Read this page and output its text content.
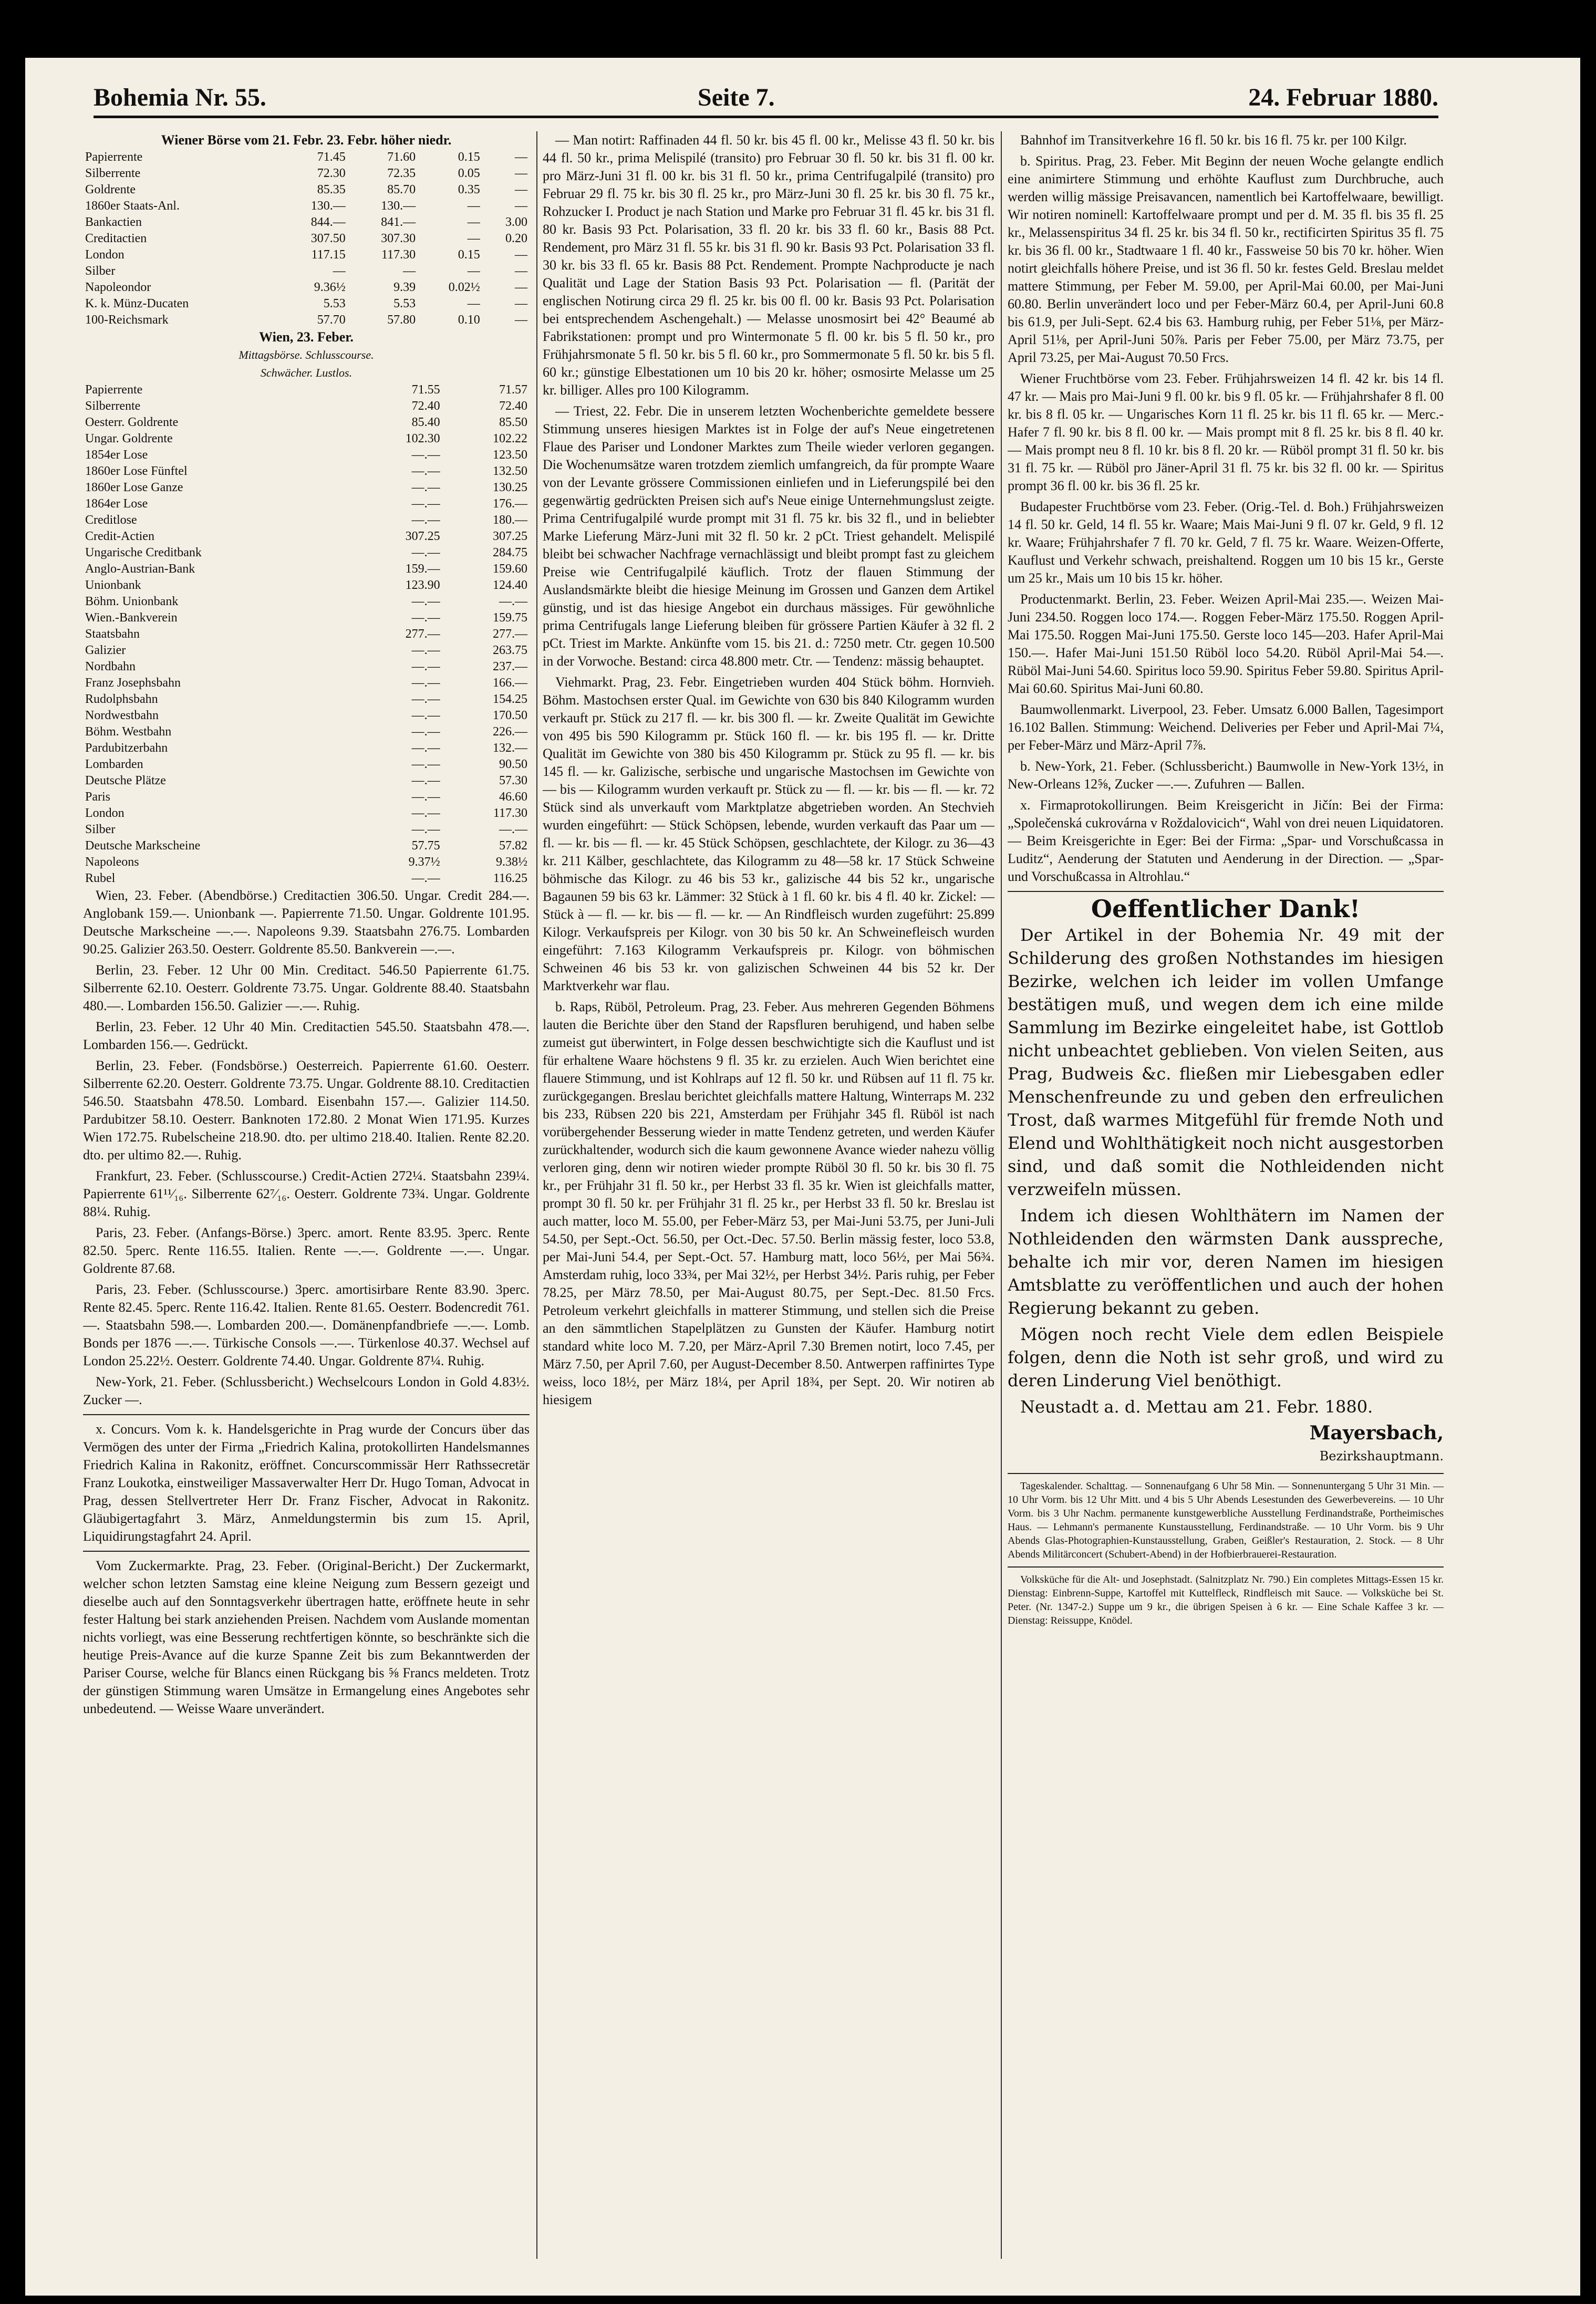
Bohemia Nr. 55.	Seite 7.	24. Februar 1880.
Wiener Börse vom 21. Febr. 23. Febr. höher niedr.
Papierrente	71.45	71.60	0.15	—
Silberrente	72.30	72.35	0.05	—
Goldrente	85.35	85.70	0.35	—
1860er Staats-Anl.	130.—	130.—	—	—
Bankactien	844.—	841.—	—	3.00
Creditactien	307.50	307.30	—	0.20
London	117.15	117.30	0.15	—
Silber	—	—	—	—
Napoleondor	9.36½	9.39	0.02½	—
K. k. Münz-Ducaten	5.53	5.53	—	—
100-Reichsmark	57.70	57.80	0.10	—
Wien, 23. Feber.
Mittagsbörse. Schlusscourse.
Schwächer. Lustlos.
Papierrente	71.55	71.57
Silberrente	72.40	72.40
Oesterr. Goldrente	85.40	85.50
Ungar. Goldrente	102.30	102.22
1854er Lose	—.—	123.50
1860er Lose Fünftel	—.—	132.50
1860er Lose Ganze	—.—	130.25
1864er Lose	—.—	176.—
Creditlose	—.—	180.—
Credit-Actien	307.25	307.25
Ungarische Creditbank	—.—	284.75
Anglo-Austrian-Bank	159.—	159.60
Unionbank	123.90	124.40
Böhm. Unionbank	—.—	—.—
Wien.-Bankverein	—.—	159.75
Staatsbahn	277.—	277.—
Galizier	—.—	263.75
Nordbahn	—.—	237.—
Franz Josephsbahn	—.—	166.—
Rudolphsbahn	—.—	154.25
Nordwestbahn	—.—	170.50
Böhm. Westbahn	—.—	226.—
Pardubitzerbahn	—.—	132.—
Lombarden	—.—	90.50
Deutsche Plätze	—.—	57.30
Paris	—.—	46.60
London	—.—	117.30
Silber	—.—	—.—
Deutsche Markscheine	57.75	57.82
Napoleons	9.37½	9.38½
Rubel	—.—	116.25

Wien, 23. Feber. (Abendbörse.) Creditactien 306.50. Ungar. Credit 284.—. Anglobank 159.—. Unionbank —. Papierrente 71.50. Ungar. Goldrente 101.95. Deutsche Markscheine —.—. Napoleons 9.39. Staatsbahn 276.75. Lombarden 90.25. Galizier 263.50. Oesterr. Goldrente 85.50. Bankverein —.—.

Berlin, 23. Feber. 12 Uhr 00 Min. Creditact. 546.50 Papierrente 61.75. Silberrente 62.10. Oesterr. Goldrente 73.75. Ungar. Goldrente 88.40. Staatsbahn 480.—. Lombarden 156.50. Galizier —.—. Ruhig.

Berlin, 23. Feber. 12 Uhr 40 Min. Creditactien 545.50. Staatsbahn 478.—. Lombarden 156.—. Gedrückt.

Berlin, 23. Feber. (Fondsbörse.) Oesterreich. Papierrente 61.60. Oesterr. Silberrente 62.20. Oesterr. Goldrente 73.75. Ungar. Goldrente 88.10. Creditactien 546.50. Staatsbahn 478.50. Lombard. Eisenbahn 157.—. Galizier 114.50. Pardubitzer 58.10. Oesterr. Banknoten 172.80. 2 Monat Wien 171.95. Kurzes Wien 172.75. Rubelscheine 218.90. dto. per ultimo 218.40. Italien. Rente 82.20. dto. per ultimo 82.—. Ruhig.

Frankfurt, 23. Feber. (Schlusscourse.) Credit-Actien 272¼. Staatsbahn 239¼. Papierrente 61¹¹⁄₁₆. Silberrente 62⁷⁄₁₆. Oesterr. Goldrente 73¾. Ungar. Goldrente 88¼. Ruhig.

Paris, 23. Feber. (Anfangs-Börse.) 3perc. amort. Rente 83.95. 3perc. Rente 82.50. 5perc. Rente 116.55. Italien. Rente —.—. Goldrente —.—. Ungar. Goldrente 87.68.

Paris, 23. Feber. (Schlusscourse.) 3perc. amortisirbare Rente 83.90. 3perc. Rente 82.45. 5perc. Rente 116.42. Italien. Rente 81.65. Oesterr. Bodencredit 761.—. Staatsbahn 598.—. Lombarden 200.—. Domänenpfandbriefe —.—. Lomb. Bonds per 1876 —.—. Türkische Consols —.—. Türkenlose 40.37. Wechsel auf London 25.22½. Oesterr. Goldrente 74.40. Ungar. Goldrente 87¼. Ruhig.

New-York, 21. Feber. (Schlussbericht.) Wechselcours London in Gold 4.83½. Zucker —.

x. Concurs. Vom k. k. Handelsgerichte in Prag wurde der Concurs über das Vermögen des unter der Firma „Friedrich Kalina, protokollirten Handelsmannes Friedrich Kalina in Rakonitz, eröffnet. Concurscommissär Herr Rathssecretär Franz Loukotka, einstweiliger Massaverwalter Herr Dr. Hugo Toman, Advocat in Prag, dessen Stellvertreter Herr Dr. Franz Fischer, Advocat in Rakonitz. Gläubigertagfahrt 3. März, Anmeldungstermin bis zum 15. April, Liquidirungstagfahrt 24. April.

Vom Zuckermarkte. Prag, 23. Feber. (Original-Bericht.) Der Zuckermarkt, welcher schon letzten Samstag eine kleine Neigung zum Bessern gezeigt und dieselbe auch auf den Sonntagsverkehr übertragen hatte, eröffnete heute in sehr fester Haltung bei stark anziehenden Preisen. Nachdem vom Auslande momentan nichts vorliegt, was eine Besserung rechtfertigen könnte, so beschränkte sich die heutige Preis-Avance auf die kurze Spanne Zeit bis zum Bekanntwerden der Pariser Course, welche für Blancs einen Rückgang bis ⅝ Francs meldeten. Trotz der günstigen Stimmung waren Umsätze in Ermangelung eines Angebotes sehr unbedeutend. — Weisse Waare unverändert.

— Man notirt: Raffinaden 44 fl. 50 kr. bis 45 fl. 00 kr., Melisse 43 fl. 50 kr. bis 44 fl. 50 kr., prima Melispilé (transito) pro Februar 30 fl. 50 kr. bis 31 fl. 00 kr. pro März-Juni 31 fl. 00 kr. bis 31 fl. 50 kr., prima Centrifugalpilé (transito) pro Februar 29 fl. 75 kr. bis 30 fl. 25 kr., pro März-Juni 30 fl. 25 kr. bis 30 fl. 75 kr., Rohzucker I. Product je nach Station und Marke pro Februar 31 fl. 45 kr. bis 31 fl. 80 kr. Basis 93 Pct. Polarisation, 33 fl. 20 kr. bis 33 fl. 60 kr., Basis 88 Pct. Rendement, pro März 31 fl. 55 kr. bis 31 fl. 90 kr. Basis 93 Pct. Polarisation 33 fl. 30 kr. bis 33 fl. 65 kr. Basis 88 Pct. Rendement. Prompte Nachproducte je nach Qualität und Lage der Station Basis 93 Pct. Polarisation — fl. (Parität der englischen Notirung circa 29 fl. 25 kr. bis 00 fl. 00 kr. Basis 93 Pct. Polarisation bei entsprechendem Aschengehalt.) — Melasse unosmosirt bei 42° Beaumé ab Fabrikstationen: prompt und pro Wintermonate 5 fl. 00 kr. bis 5 fl. 50 kr., pro Frühjahrsmonate 5 fl. 50 kr. bis 5 fl. 60 kr., pro Sommermonate 5 fl. 50 kr. bis 5 fl. 60 kr.; günstige Elbestationen um 10 bis 20 kr. höher; osmosirte Melasse um 25 kr. billiger. Alles pro 100 Kilogramm.

— Triest, 22. Febr. Die in unserem letzten Wochenberichte gemeldete bessere Stimmung unseres hiesigen Marktes ist in Folge der auf's Neue eingetretenen Flaue des Pariser und Londoner Marktes zum Theile wieder verloren gegangen. Die Wochenumsätze waren trotzdem ziemlich umfangreich, da für prompte Waare von der Levante grössere Commissionen einliefen und in Lieferungspilé bei den gegenwärtig gedrückten Preisen sich auf's Neue einige Unternehmungslust zeigte. Prima Centrifugalpilé wurde prompt mit 31 fl. 75 kr. bis 32 fl., und in beliebter Marke Lieferung März-Juni mit 32 fl. 50 kr. 2 pCt. Triest gehandelt. Melispilé bleibt bei schwacher Nachfrage vernachlässigt und bleibt prompt fast zu gleichem Preise wie Centrifugalpilé käuflich. Trotz der flauen Stimmung der Auslandsmärkte bleibt die hiesige Meinung im Grossen und Ganzen dem Artikel günstig, und ist das hiesige Angebot ein durchaus mässiges. Für gewöhnliche prima Centrifugals lange Lieferung bleiben für grössere Partien Käufer à 32 fl. 2 pCt. Triest im Markte. Ankünfte vom 15. bis 21. d.: 7250 metr. Ctr. gegen 10.500 in der Vorwoche. Bestand: circa 48.800 metr. Ctr. — Tendenz: mässig behauptet.

Viehmarkt. Prag, 23. Febr. Eingetrieben wurden 404 Stück böhm. Hornvieh. Böhm. Mastochsen erster Qual. im Gewichte von 630 bis 840 Kilogramm wurden verkauft pr. Stück zu 217 fl. — kr. bis 300 fl. — kr. Zweite Qualität im Gewichte von 495 bis 590 Kilogramm pr. Stück 160 fl. — kr. bis 195 fl. — kr. Dritte Qualität im Gewichte von 380 bis 450 Kilogramm pr. Stück zu 95 fl. — kr. bis 145 fl. — kr. Galizische, serbische und ungarische Mastochsen im Gewichte von — bis — Kilogramm wurden verkauft pr. Stück zu — fl. — kr. bis — fl. — kr. 72 Stück sind als unverkauft vom Marktplatze abgetrieben worden. An Stechvieh wurden eingeführt: — Stück Schöpsen, lebende, wurden verkauft das Paar um — fl. — kr. bis — fl. — kr. 45 Stück Schöpsen, geschlachtete, der Kilogr. zu 36—43 kr. 211 Kälber, geschlachtete, das Kilogramm zu 48—58 kr. 17 Stück Schweine böhmische das Kilogr. zu 46 bis 53 kr., galizische 44 bis 52 kr., ungarische Bagaunen 59 bis 63 kr. Lämmer: 32 Stück à 1 fl. 60 kr. bis 4 fl. 40 kr. Zickel: — Stück à — fl. — kr. bis — fl. — kr. — An Rindfleisch wurden zugeführt: 25.899 Kilogr. Verkaufspreis per Kilogr. von 30 bis 50 kr. An Schweinefleisch wurden eingeführt: 7.163 Kilogramm Verkaufspreis pr. Kilogr. von böhmischen Schweinen 46 bis 53 kr. von galizischen Schweinen 44 bis 52 kr. Der Marktverkehr war flau.

b. Raps, Rüböl, Petroleum. Prag, 23. Feber. Aus mehreren Gegenden Böhmens lauten die Berichte über den Stand der Rapsfluren beruhigend, und haben selbe zumeist gut überwintert, in Folge dessen beschwichtigte sich die Kauflust und ist für erhaltene Waare höchstens 9 fl. 35 kr. zu erzielen. Auch Wien berichtet eine flauere Stimmung, und ist Kohlraps auf 12 fl. 50 kr. und Rübsen auf 11 fl. 75 kr. zurückgegangen. Breslau berichtet gleichfalls mattere Haltung, Winterraps M. 232 bis 233, Rübsen 220 bis 221, Amsterdam per Frühjahr 345 fl. Rüböl ist nach vorübergehender Besserung wieder in matte Tendenz getreten, und werden Käufer zurückhaltender, wodurch sich die kaum gewonnene Avance wieder nahezu völlig verloren ging, denn wir notiren wieder prompte Rüböl 30 fl. 50 kr. bis 30 fl. 75 kr., per Frühjahr 31 fl. 50 kr., per Herbst 33 fl. 35 kr. Wien ist gleichfalls matter, prompt 30 fl. 50 kr. per Frühjahr 31 fl. 25 kr., per Herbst 33 fl. 50 kr. Breslau ist auch matter, loco M. 55.00, per Feber-März 53, per Mai-Juni 53.75, per Juni-Juli 54.50, per Sept.-Oct. 56.50, per Oct.-Dec. 57.50. Berlin mässig fester, loco 53.8, per Mai-Juni 54.4, per Sept.-Oct. 57. Hamburg matt, loco 56½, per Mai 56¾. Amsterdam ruhig, loco 33¾, per Mai 32½, per Herbst 34½. Paris ruhig, per Feber 78.25, per März 78.50, per Mai-August 80.75, per Sept.-Dec. 81.50 Frcs. Petroleum verkehrt gleichfalls in matterer Stimmung, und stellen sich die Preise an den sämmtlichen Stapelplätzen zu Gunsten der Käufer. Hamburg notirt standard white loco M. 7.20, per März-April 7.30 Bremen notirt, loco 7.45, per März 7.50, per April 7.60, per August-December 8.50. Antwerpen raffinirtes Type weiss, loco 18½, per März 18¼, per April 18¾, per Sept. 20. Wir notiren ab hiesigem

Bahnhof im Transitverkehre 16 fl. 50 kr. bis 16 fl. 75 kr. per 100 Kilgr.

b. Spiritus. Prag, 23. Feber. Mit Beginn der neuen Woche gelangte endlich eine animirtere Stimmung und erhöhte Kauflust zum Durchbruche, auch werden willig mässige Preisavancen, namentlich bei Kartoffelwaare, bewilligt. Wir notiren nominell: Kartoffelwaare prompt und per d. M. 35 fl. bis 35 fl. 25 kr., Melassenspiritus 34 fl. 25 kr. bis 34 fl. 50 kr., rectificirten Spiritus 35 fl. 75 kr. bis 36 fl. 00 kr., Stadtwaare 1 fl. 40 kr., Fassweise 50 bis 70 kr. höher. Wien notirt gleichfalls höhere Preise, und ist 36 fl. 50 kr. festes Geld. Breslau meldet mattere Stimmung, per Feber M. 59.00, per April-Mai 60.00, per Mai-Juni 60.80. Berlin unverändert loco und per Feber-März 60.4, per April-Juni 60.8 bis 61.9, per Juli-Sept. 62.4 bis 63. Hamburg ruhig, per Feber 51⅛, per März-April 51⅛, per April-Juni 50⅞. Paris per Feber 75.00, per März 73.75, per April 73.25, per Mai-August 70.50 Frcs.

Wiener Fruchtbörse vom 23. Feber. Frühjahrsweizen 14 fl. 42 kr. bis 14 fl. 47 kr. — Mais pro Mai-Juni 9 fl. 00 kr. bis 9 fl. 05 kr. — Frühjahrshafer 8 fl. 00 kr. bis 8 fl. 05 kr. — Ungarisches Korn 11 fl. 25 kr. bis 11 fl. 65 kr. — Merc.-Hafer 7 fl. 90 kr. bis 8 fl. 00 kr. — Mais prompt mit 8 fl. 25 kr. bis 8 fl. 40 kr. — Mais prompt neu 8 fl. 10 kr. bis 8 fl. 20 kr. — Rüböl prompt 31 fl. 50 kr. bis 31 fl. 75 kr. — Rüböl pro Jäner-April 31 fl. 75 kr. bis 32 fl. 00 kr. — Spiritus prompt 36 fl. 00 kr. bis 36 fl. 25 kr.

Budapester Fruchtbörse vom 23. Feber. (Orig.-Tel. d. Boh.) Frühjahrsweizen 14 fl. 50 kr. Geld, 14 fl. 55 kr. Waare; Mais Mai-Juni 9 fl. 07 kr. Geld, 9 fl. 12 kr. Waare; Frühjahrshafer 7 fl. 70 kr. Geld, 7 fl. 75 kr. Waare. Weizen-Offerte, Kauflust und Verkehr schwach, preishaltend. Roggen um 10 bis 15 kr., Gerste um 25 kr., Mais um 10 bis 15 kr. höher.

Productenmarkt. Berlin, 23. Feber. Weizen April-Mai 235.—. Weizen Mai-Juni 234.50. Roggen loco 174.—. Roggen Feber-März 175.50. Roggen April-Mai 175.50. Roggen Mai-Juni 175.50. Gerste loco 145—203. Hafer April-Mai 150.—. Hafer Mai-Juni 151.50 Rüböl loco 54.20. Rüböl April-Mai 54.—. Rüböl Mai-Juni 54.60. Spiritus loco 59.90. Spiritus Feber 59.80. Spiritus April-Mai 60.60. Spiritus Mai-Juni 60.80.

Baumwollenmarkt. Liverpool, 23. Feber. Umsatz 6.000 Ballen, Tagesimport 16.102 Ballen. Stimmung: Weichend. Deliveries per Feber und April-Mai 7¼, per Feber-März und März-April 7⅞.

b. New-York, 21. Feber. (Schlussbericht.) Baumwolle in New-York 13½, in New-Orleans 12⅝, Zucker —.—. Zufuhren — Ballen.

x. Firmaprotokollirungen. Beim Kreisgericht in Jičín: Bei der Firma: „Společenská cukrovárna v Roždalovicich“, Wahl von drei neuen Liquidatoren. — Beim Kreisgerichte in Eger: Bei der Firma: „Spar- und Vorschußcassa in Luditz“, Aenderung der Statuten und Aenderung in der Direction. — „Spar- und Vorschußcassa in Altrohlau.“

Oeffentlicher Dank!

Der Artikel in der Bohemia Nr. 49 mit der Schilderung des großen Nothstandes im hiesigen Bezirke, welchen ich leider im vollen Umfange bestätigen muß, und wegen dem ich eine milde Sammlung im Bezirke eingeleitet habe, ist Gottlob nicht unbeachtet geblieben. Von vielen Seiten, aus Prag, Budweis &c. fließen mir Liebesgaben edler Menschenfreunde zu und geben den erfreulichen Trost, daß warmes Mitgefühl für fremde Noth und Elend und Wohlthätigkeit noch nicht ausgestorben sind, und daß somit die Nothleidenden nicht verzweifeln müssen.

Indem ich diesen Wohlthätern im Namen der Nothleidenden den wärmsten Dank ausspreche, behalte ich mir vor, deren Namen im hiesigen Amtsblatte zu veröffentlichen und auch der hohen Regierung bekannt zu geben.

Mögen noch recht Viele dem edlen Beispiele folgen, denn die Noth ist sehr groß, und wird zu deren Linderung Viel benöthigt.

Neustadt a. d. Mettau am 21. Febr. 1880.

Mayersbach,
Bezirkshauptmann.

Tageskalender. Schalttag. — Sonnenaufgang 6 Uhr 58 Min. — Sonnenuntergang 5 Uhr 31 Min. — 10 Uhr Vorm. bis 12 Uhr Mitt. und 4 bis 5 Uhr Abends Lesestunden des Gewerbevereins. — 10 Uhr Vorm. bis 3 Uhr Nachm. permanente kunstgewerbliche Ausstellung Ferdinandstraße, Portheimisches Haus. — Lehmann's permanente Kunstausstellung, Ferdinandstraße. — 10 Uhr Vorm. bis 9 Uhr Abends Glas-Photographien-Kunstausstellung, Graben, Geißler's Restauration, 2. Stock. — 8 Uhr Abends Militärconcert (Schubert-Abend) in der Hofbierbrauerei-Restauration.

Volksküche für die Alt- und Josephstadt. (Salnitzplatz Nr. 790.) Ein completes Mittags-Essen 15 kr. Dienstag: Einbrenn-Suppe, Kartoffel mit Kuttelfleck, Rindfleisch mit Sauce. — Volksküche bei St. Peter. (Nr. 1347-2.) Suppe um 9 kr., die übrigen Speisen à 6 kr. — Eine Schale Kaffee 3 kr. — Dienstag: Reissuppe, Knödel.
